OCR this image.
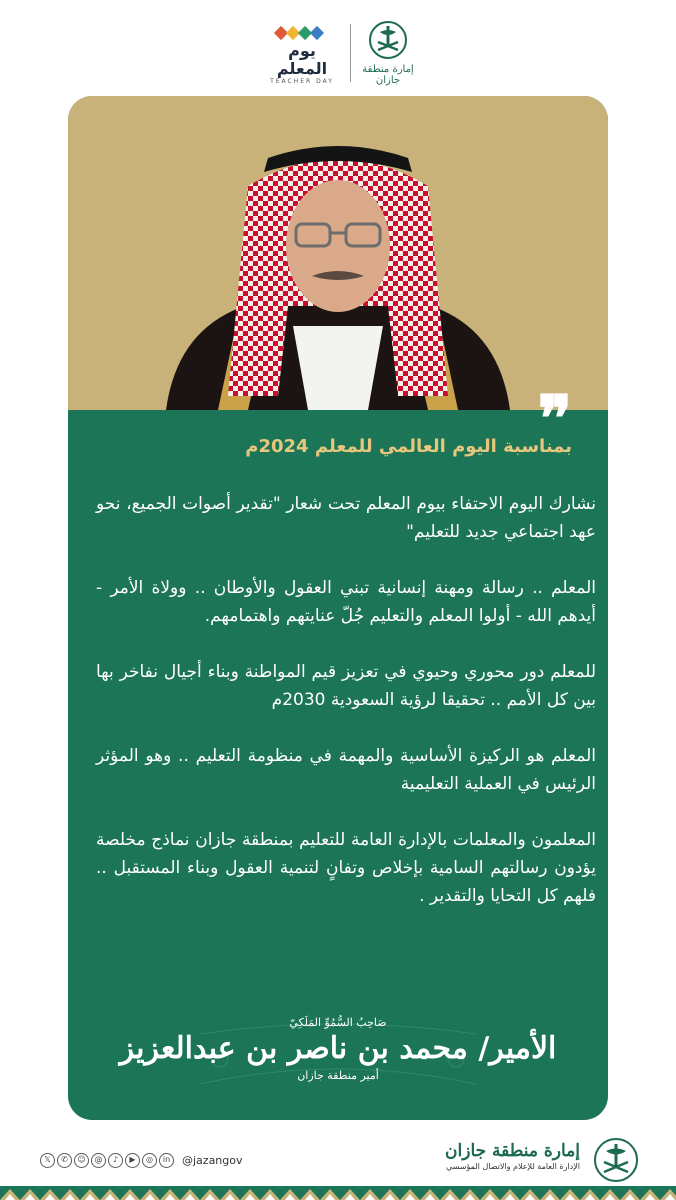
يوم المعلم
TEACHER DAY
إمارة منطقة جازان
❞
بمناسبة اليوم العالمي للمعلم 2024م

نشارك اليوم الاحتفاء بيوم المعلم تحت شعار "تقدير أصوات الجميع، نحو عهد اجتماعي جديد للتعليم"

المعلم .. رسالة ومهنة إنسانية تبني العقول والأوطان .. وولاة الأمر - أيدهم الله - أولوا المعلم والتعليم جُلّ عنايتهم واهتمامهم.

للمعلم دور محوري وحيوي في تعزيز قيم المواطنة وبناء أجيال نفاخر بها بين كل الأمم .. تحقيقا لرؤية السعودية 2030م

المعلم هو الركيزة الأساسية والمهمة في منظومة التعليم .. وهو المؤثر الرئيس في العملية التعليمية

المعلمون والمعلمات بالإدارة العامة للتعليم بمنطقة جازان نماذج مخلصة يؤدون رسالتهم السامية بإخلاص وتفانٍ لتنمية العقول وبناء المستقبل .. فلهم كل التحايا والتقدير .

صَاحِبُ السُّمُوِّ المَلَكِيّ
الأمير/ محمد بن ناصر بن عبدالعزيز
أمير منطقة جازان
𝕏	✆	☺	@	♪	▶	◎	in	@jazangov	إمارة منطقة جازان
الإدارة العامة للإعلام والاتصال المؤسسي
